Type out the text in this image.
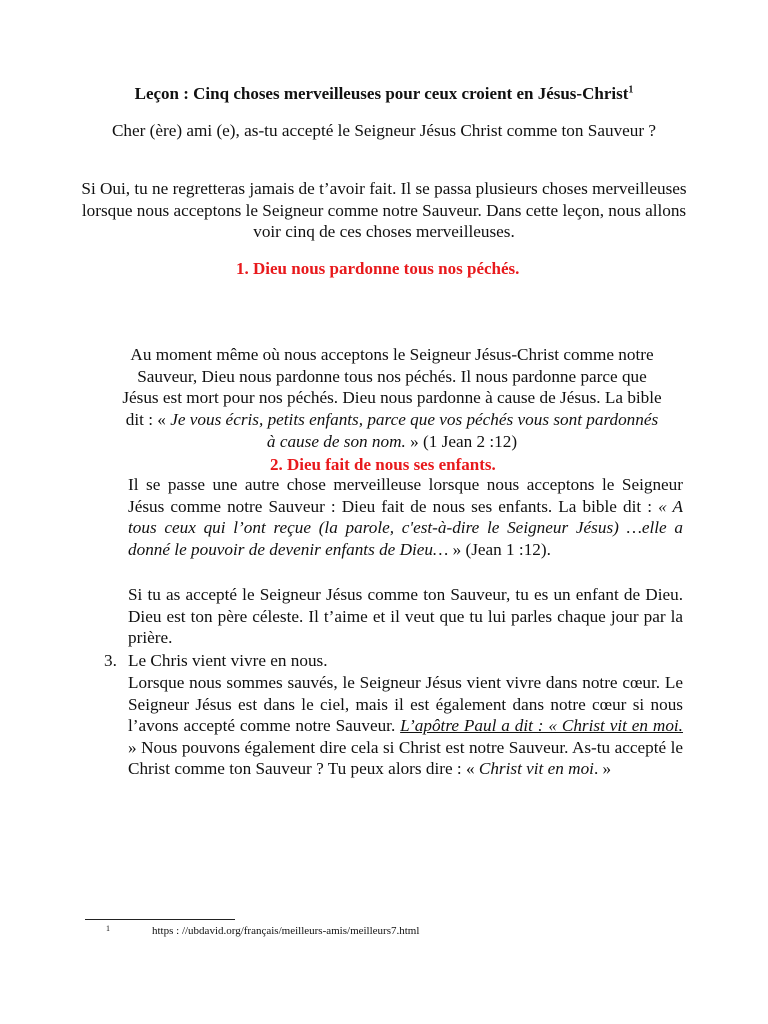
Leçon : Cinq choses merveilleuses pour ceux croient en Jésus-Christ$^1$

Cher (ère) ami (e), as-tu accepté le Seigneur Jésus Christ comme ton Sauveur ?

Si Oui, tu ne regretteras jamais de t’avoir fait. Il se passa plusieurs choses merveilleuses lorsque nous acceptons le Seigneur comme notre Sauveur. Dans cette leçon, nous allons voir cinq de ces choses merveilleuses.

1. Dieu nous pardonne tous nos péchés.

Au moment même où nous acceptons le Seigneur Jésus-Christ comme notre Sauveur, Dieu nous pardonne tous nos péchés. Il nous pardonne parce que Jésus est mort pour nos péchés. Dieu nous pardonne à cause de Jésus. La bible dit : « Je vous écris, petits enfants, parce que vos péchés vous sont pardonnés à cause de son nom. » (1 Jean 2 :12)

2. Dieu fait de nous ses enfants.

Il se passe une autre chose merveilleuse lorsque nous acceptons le Seigneur Jésus comme notre Sauveur : Dieu fait de nous ses enfants. La bible dit : « A tous ceux qui l’ont reçue (la parole, c'est-à-dire le Seigneur Jésus) …elle a donné le pouvoir de devenir enfants de Dieu… » (Jean 1 :12).

Si tu as accepté le Seigneur Jésus comme ton Sauveur, tu es un enfant de Dieu. Dieu est ton père céleste. Il t’aime et il veut que tu lui parles chaque jour par la prière.

3. Le Chris vient vivre en nous.

Lorsque nous sommes sauvés, le Seigneur Jésus vient vivre dans notre cœur. Le Seigneur Jésus est dans le ciel, mais il est également dans notre cœur si nous l’avons accepté comme notre Sauveur. L’apôtre Paul a dit : « Christ vit en moi. » Nous pouvons également dire cela si Christ est notre Sauveur. As-tu accepté le Christ comme ton Sauveur ? Tu peux alors dire : « Christ vit en moi. »

1	https : //ubdavid.org/français/meilleurs-amis/meilleurs7.html
